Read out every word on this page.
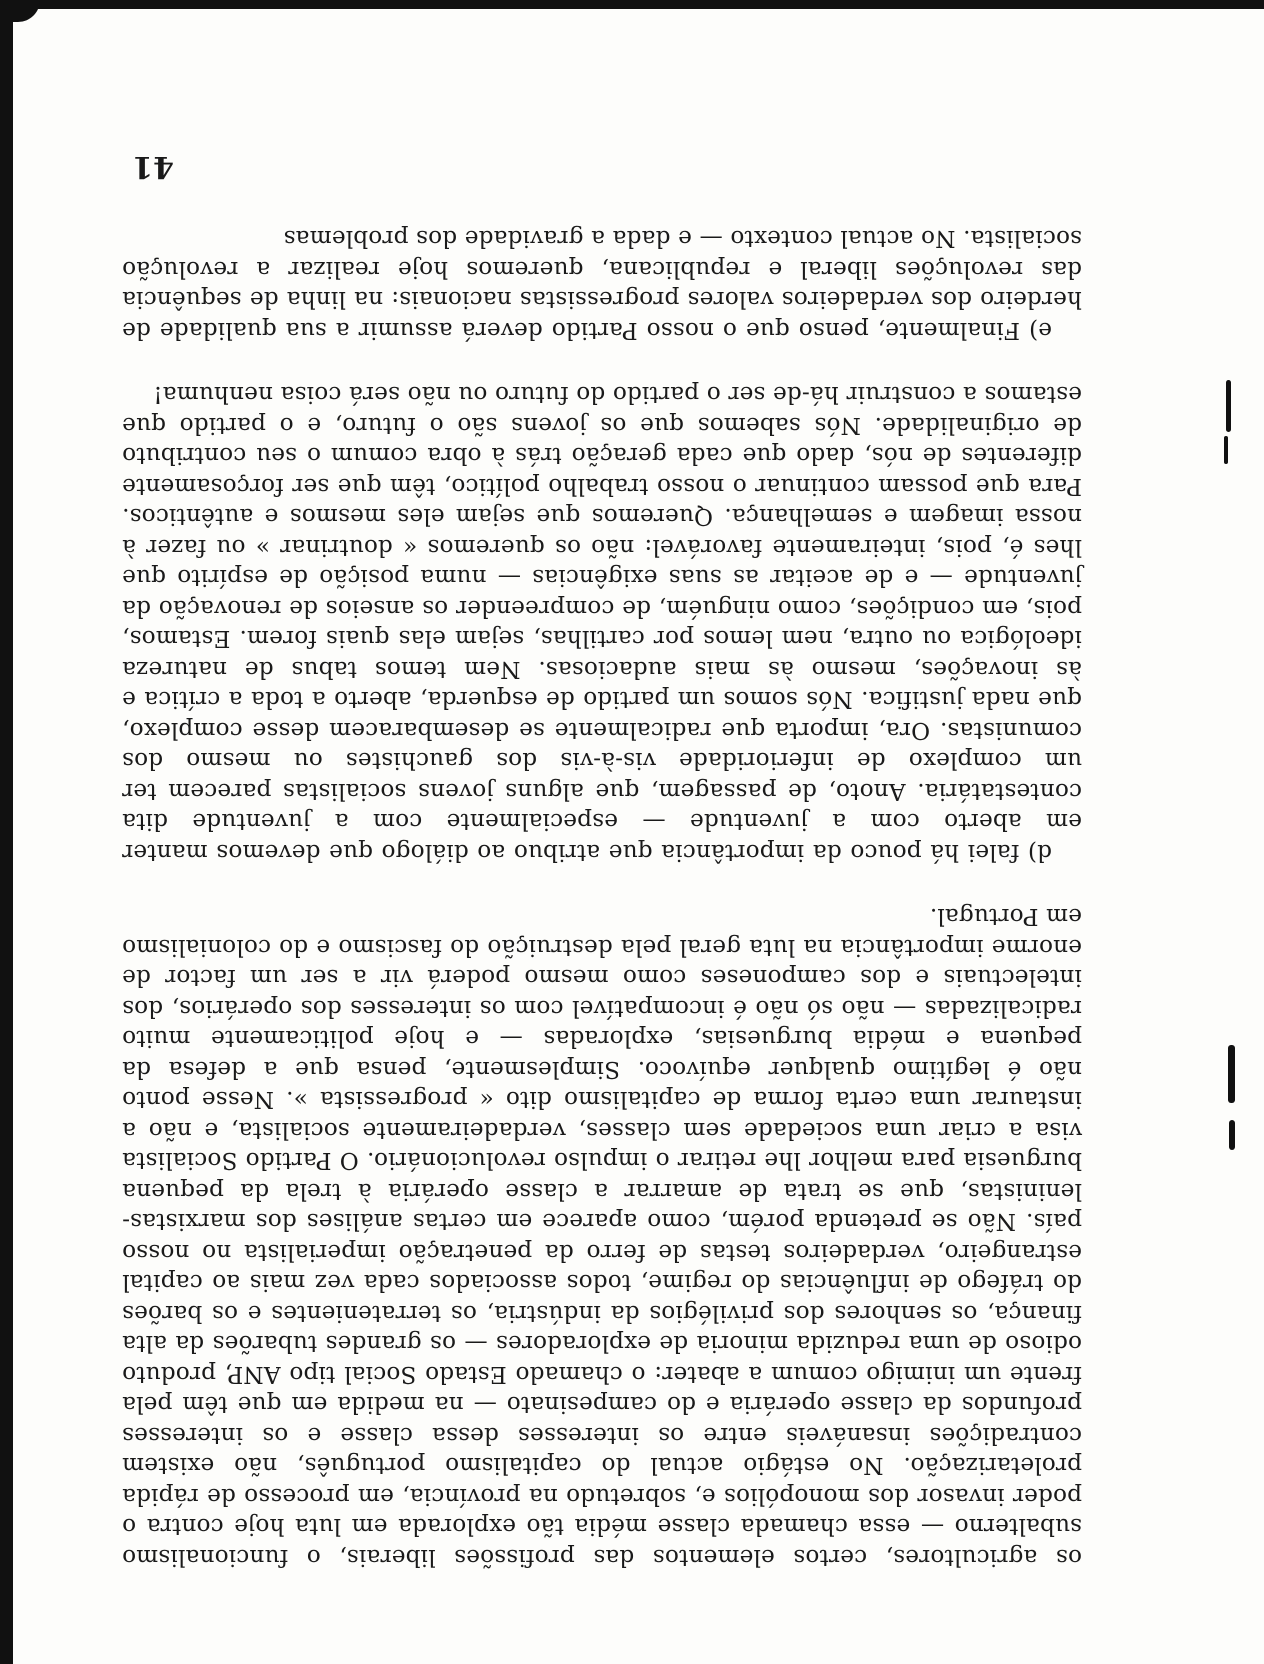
41

os agricultores, certos elementos das profissões liberais, o funcionalismo subalterno — essa chamada classe média tão explorada em luta hoje contra o poder invasor dos monopólios e, sobretudo na província, em processo de rápida proletarização. No estágio actual do capitalismo português, não existem contradições insanáveis entre os interesses dessa classe e os interesses profundos da classe operária e do campesinato — na medida em que têm pela frente um inimigo comum a abater: o chamado Estado Social tipo ANP, produto odioso de uma reduzida minoria de exploradores — os grandes tubarões da alta finança, os senhores dos privilégios da indústria, os terratenientes e os barões do tráfego de influências do regime, todos associados cada vez mais ao capital estrangeiro, verdadeiros testas de ferro da penetração imperialista no nosso país. Não se pretenda porém, como aparece em certas análises dos marxistas-leninistas, que se trata de amarrar a classe operária à trela da pequena burguesia para melhor lhe retirar o impulso revolucionário. O Partido Socialista visa a criar uma sociedade sem classes, verdadeiramente socialista, e não a instaurar uma certa forma de capitalismo dito « progressista ». Nesse ponto não é legítimo qualquer equívoco. Simplesmente, pensa que a defesa da pequena e média burguesias, exploradas — e hoje politicamente muito radicalizadas — não só não é incompatível com os interesses dos operários, dos intelectuais e dos camponeses como mesmo poderá vir a ser um factor de enorme importância na luta geral pela destruição do fascismo e do colonialismo em Portugal.

d) falei há pouco da importância que atribuo ao diálogo que devemos manter em aberto com a juventude — especialmente com a juventude dita contestatária. Anoto, de passagem, que alguns jovens socialistas parecem ter um complexo de inferioridade vis-à-vis dos gauchistes ou mesmo dos comunistas. Ora, importa que radicalmente se desembaracem desse complexo, que nada justifica. Nós somos um partido de esquerda, aberto a toda a crítica e às inovações, mesmo às mais audaciosas. Nem temos tabus de natureza ideológica ou outra, nem lemos por cartilhas, sejam elas quais forem. Estamos, pois, em condições, como ninguém, de compreender os anseios de renovação da juventude — e de aceitar as suas exigências — numa posição de espírito que lhes é, pois, inteiramente favorável: não os queremos « doutrinar » ou fazer à nossa imagem e semelhança. Queremos que sejam eles mesmos e autênticos. Para que possam continuar o nosso trabalho político, têm que ser forçosamente diferentes de nós, dado que cada geração trás à obra comum o seu contributo de originalidade. Nós sabemos que os jovens são o futuro, e o partido que estamos a construir há-de ser o partido do futuro ou não será coisa nenhuma!

e) Finalmente, penso que o nosso Partido deverá assumir a sua qualidade de herdeiro dos verdadeiros valores progressistas nacionais: na linha de sequência das revoluções liberal e republicana, queremos hoje realizar a revolução socialista. No actual contexto — e dada a gravidade dos problemas
